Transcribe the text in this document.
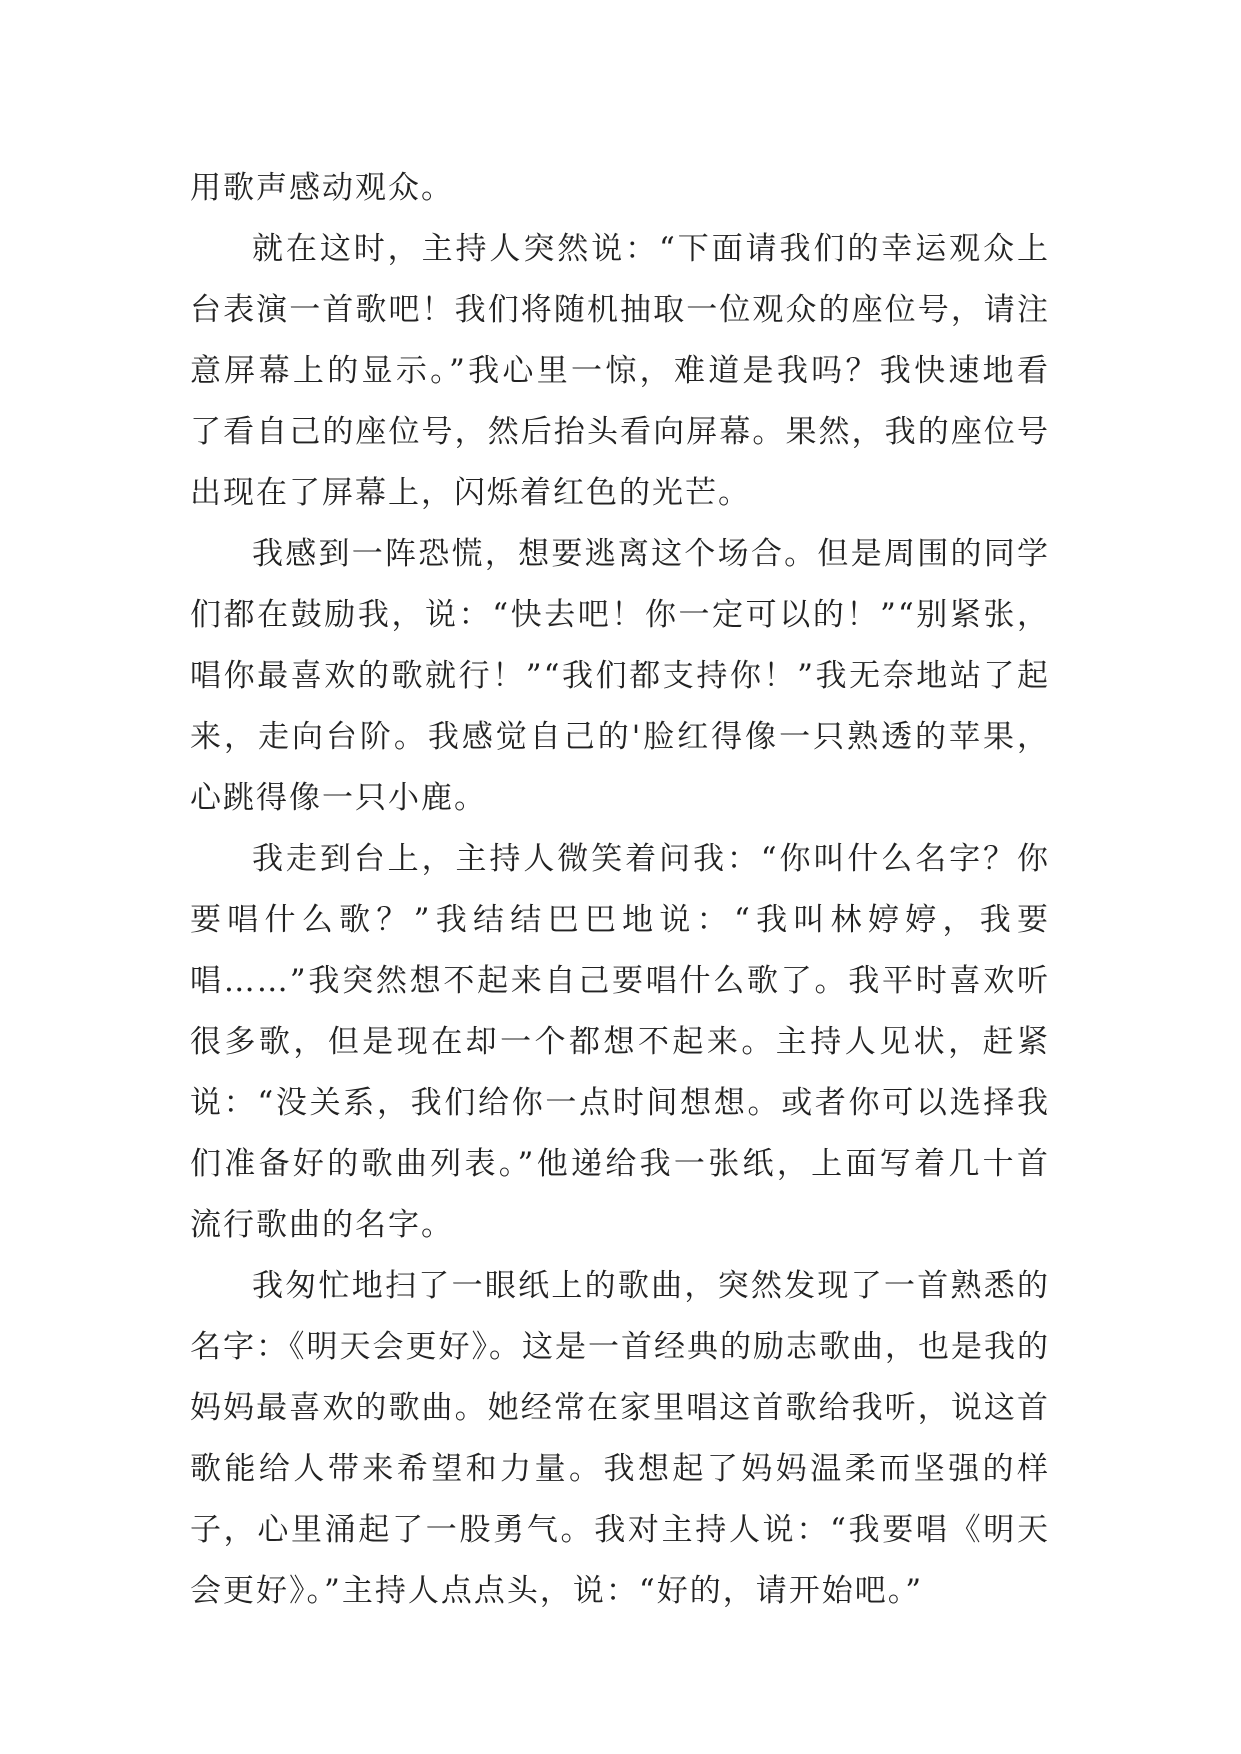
用歌声感动观众。

就在这时，主持人突然说：“下面请我们的幸运观众上台表演一首歌吧！我们将随机抽取一位观众的座位号，请注意屏幕上的显示。”我心里一惊，难道是我吗？我快速地看了看自己的座位号，然后抬头看向屏幕。果然，我的座位号出现在了屏幕上，闪烁着红色的光芒。

我感到一阵恐慌，想要逃离这个场合。但是周围的同学们都在鼓励我，说：“快去吧！你一定可以的！”“别紧张，唱你最喜欢的歌就行！”“我们都支持你！”我无奈地站了起来，走向台阶。我感觉自己的'脸红得像一只熟透的苹果，心跳得像一只小鹿。

我走到台上，主持人微笑着问我：“你叫什么名字？你要唱什么歌？”我结结巴巴地说：“我叫林婷婷，我要唱……”我突然想不起来自己要唱什么歌了。我平时喜欢听很多歌，但是现在却一个都想不起来。主持人见状，赶紧说：“没关系，我们给你一点时间想想。或者你可以选择我们准备好的歌曲列表。”他递给我一张纸，上面写着几十首流行歌曲的名字。

我匆忙地扫了一眼纸上的歌曲，突然发现了一首熟悉的名字：《明天会更好》。这是一首经典的励志歌曲，也是我的妈妈最喜欢的歌曲。她经常在家里唱这首歌给我听，说这首歌能给人带来希望和力量。我想起了妈妈温柔而坚强的样子，心里涌起了一股勇气。我对主持人说：“我要唱《明天会更好》。”主持人点点头，说：“好的，请开始吧。”
